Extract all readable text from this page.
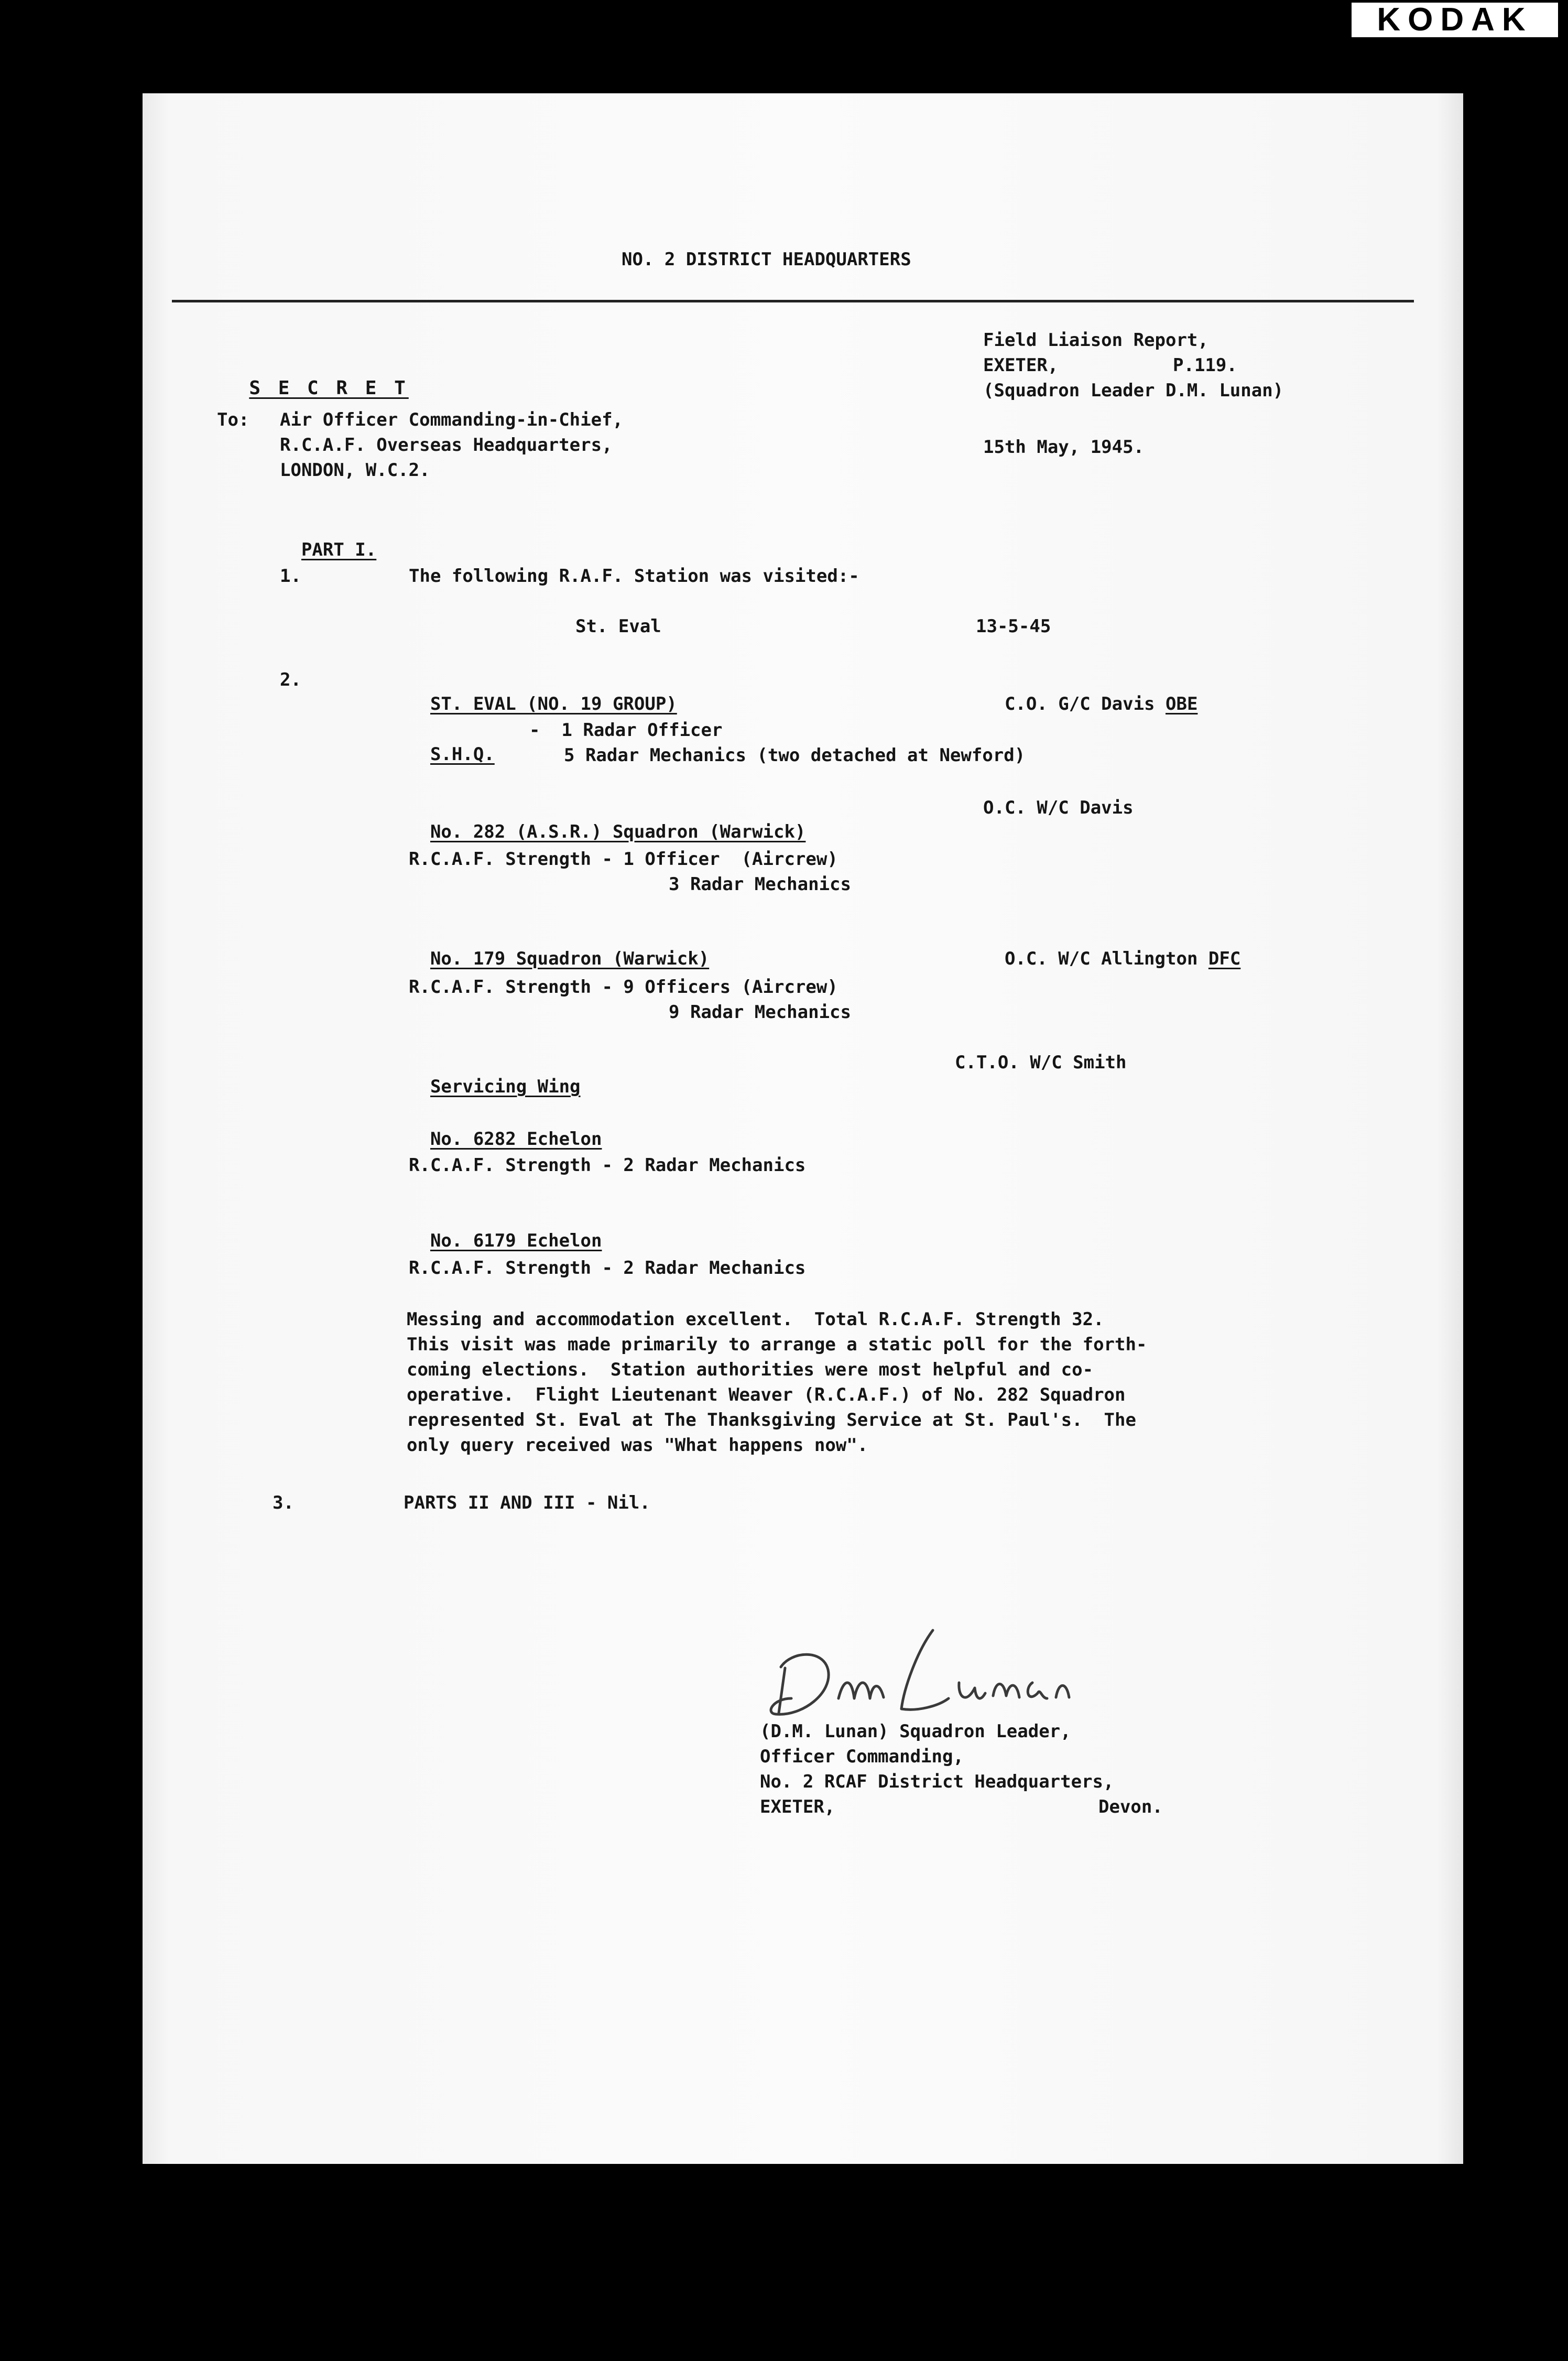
KODAK
NO. 2 DISTRICT HEADQUARTERS

S E C R E T

Field Liaison Report,
EXETER,	P.119.
(Squadron Leader D.M. Lunan)
15th May, 1945.
To: Air Officer Commanding-in-Chief,
R.C.A.F. Overseas Headquarters,
LONDON, W.C.2.

PART I.

1.	The following R.A.F. Station was visited:-
St. Eval	13-5-45
2.

ST. EVAL (NO. 19 GROUP)	C.O. G/C Davis OBE

S.H.Q.

-  1 Radar Officer
5 Radar Mechanics (two detached at Newford)

No. 282 (A.S.R.) Squadron (Warwick)

O.C. W/C Davis
R.C.A.F. Strength - 1 Officer  (Aircrew)
3 Radar Mechanics

No. 179 Squadron (Warwick)	O.C. W/C Allington DFC

R.C.A.F. Strength - 9 Officers (Aircrew)
9 Radar Mechanics

Servicing Wing

C.T.O. W/C Smith

No. 6282 Echelon

R.C.A.F. Strength - 2 Radar Mechanics

No. 6179 Echelon

R.C.A.F. Strength - 2 Radar Mechanics
Messing and accommodation excellent.  Total R.C.A.F. Strength 32.
This visit was made primarily to arrange a static poll for the forth-
coming elections.  Station authorities were most helpful and co-
operative.  Flight Lieutenant Weaver (R.C.A.F.) of No. 282 Squadron
represented St. Eval at The Thanksgiving Service at St. Paul's.  The
only query received was "What happens now".
3.	PARTS II AND III - Nil.
(D.M. Lunan) Squadron Leader,
Officer Commanding,
No. 2 RCAF District Headquarters,
EXETER,	Devon.
